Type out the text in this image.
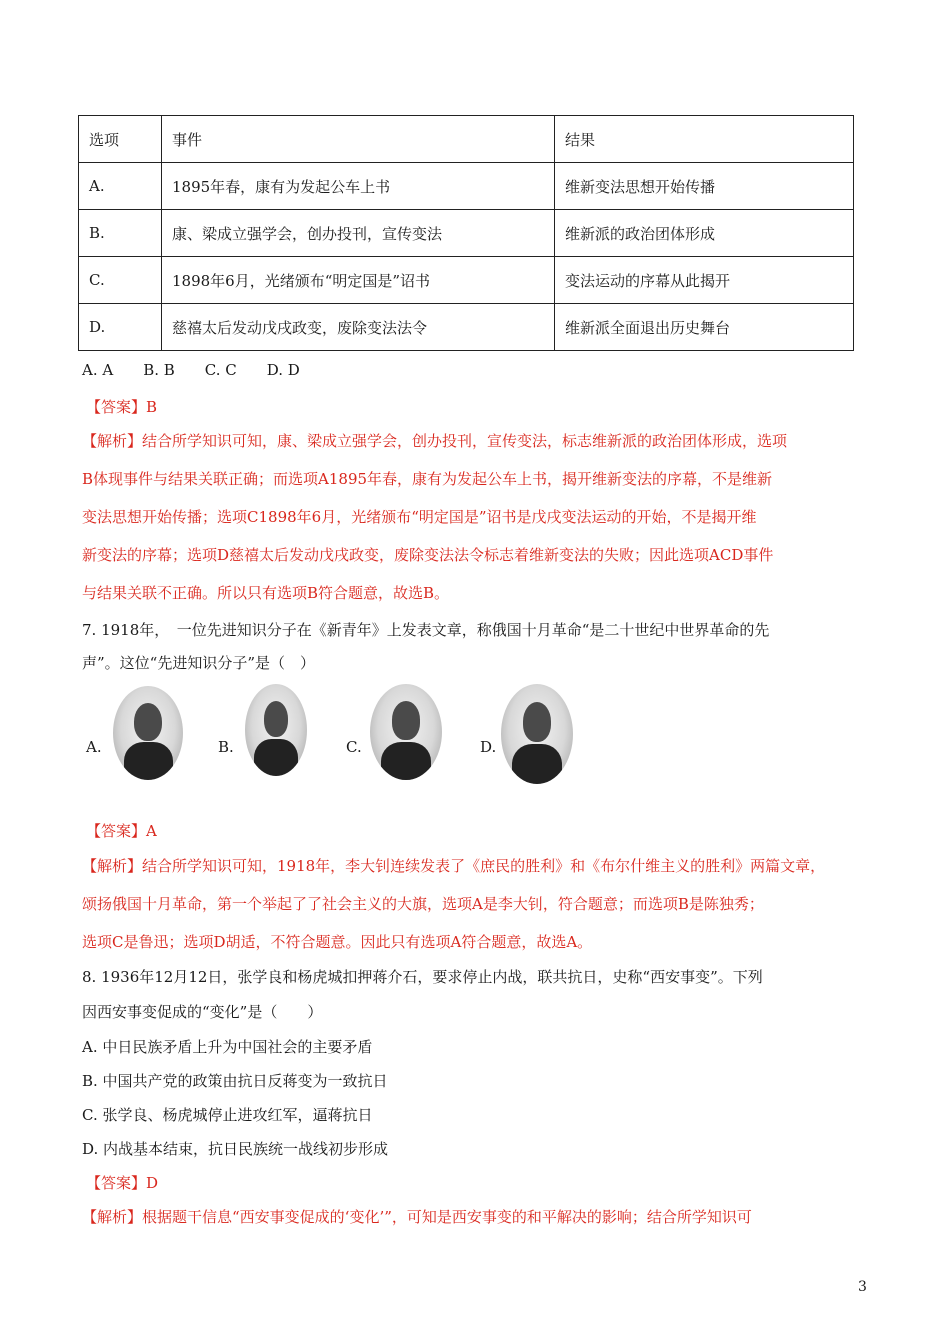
选项	事件	结果
A.	1895年春，康有为发起公车上书	维新变法思想开始传播
B.	康、梁成立强学会，创办投刊，宣传变法	维新派的政治团体形成
C.	1898年6月，光绪颁布“明定国是”诏书	变法运动的序幕从此揭开
D.	慈禧太后发动戊戌政变，废除变法法令	维新派全面退出历史舞台
A. A　　B. B　　C. C　　D. D
【答案】B
【解析】结合所学知识可知，康、梁成立强学会，创办投刊，宣传变法，标志维新派的政治团体形成，选项
B体现事件与结果关联正确；而选项A1895年春，康有为发起公车上书，揭开维新变法的序幕，不是维新
变法思想开始传播；选项C1898年6月，光绪颁布“明定国是”诏书是戊戌变法运动的开始，不是揭开维
新变法的序幕；选项D慈禧太后发动戊戌政变，废除变法法令标志着维新变法的失败；因此选项ACD事件
与结果关联不正确。所以只有选项B符合题意，故选B。
7. 1918年，　一位先进知识分子在《新青年》上发表文章，称俄国十月革命“是二十世纪中世界革命的先
声”。这位“先进知识分子”是（　）
A.	B.	C.	D.
【答案】A
【解析】结合所学知识可知，1918年，李大钊连续发表了《庶民的胜利》和《布尔什维主义的胜利》两篇文章，
颂扬俄国十月革命，第一个举起了了社会主义的大旗，选项A是李大钊，符合题意；而选项B是陈独秀；
选项C是鲁迅；选项D胡适，不符合题意。因此只有选项A符合题意，故选A。
8. 1936年12月12日，张学良和杨虎城扣押蒋介石，要求停止内战，联共抗日，史称“西安事变”。下列
因西安事变促成的“变化”是（　　）
A. 中日民族矛盾上升为中国社会的主要矛盾
B. 中国共产党的政策由抗日反蒋变为一致抗日
C. 张学良、杨虎城停止进攻红军，逼蒋抗日
D. 内战基本结束，抗日民族统一战线初步形成
【答案】D
【解析】根据题干信息“西安事变促成的‘变化’”，可知是西安事变的和平解决的影响；结合所学知识可
3
